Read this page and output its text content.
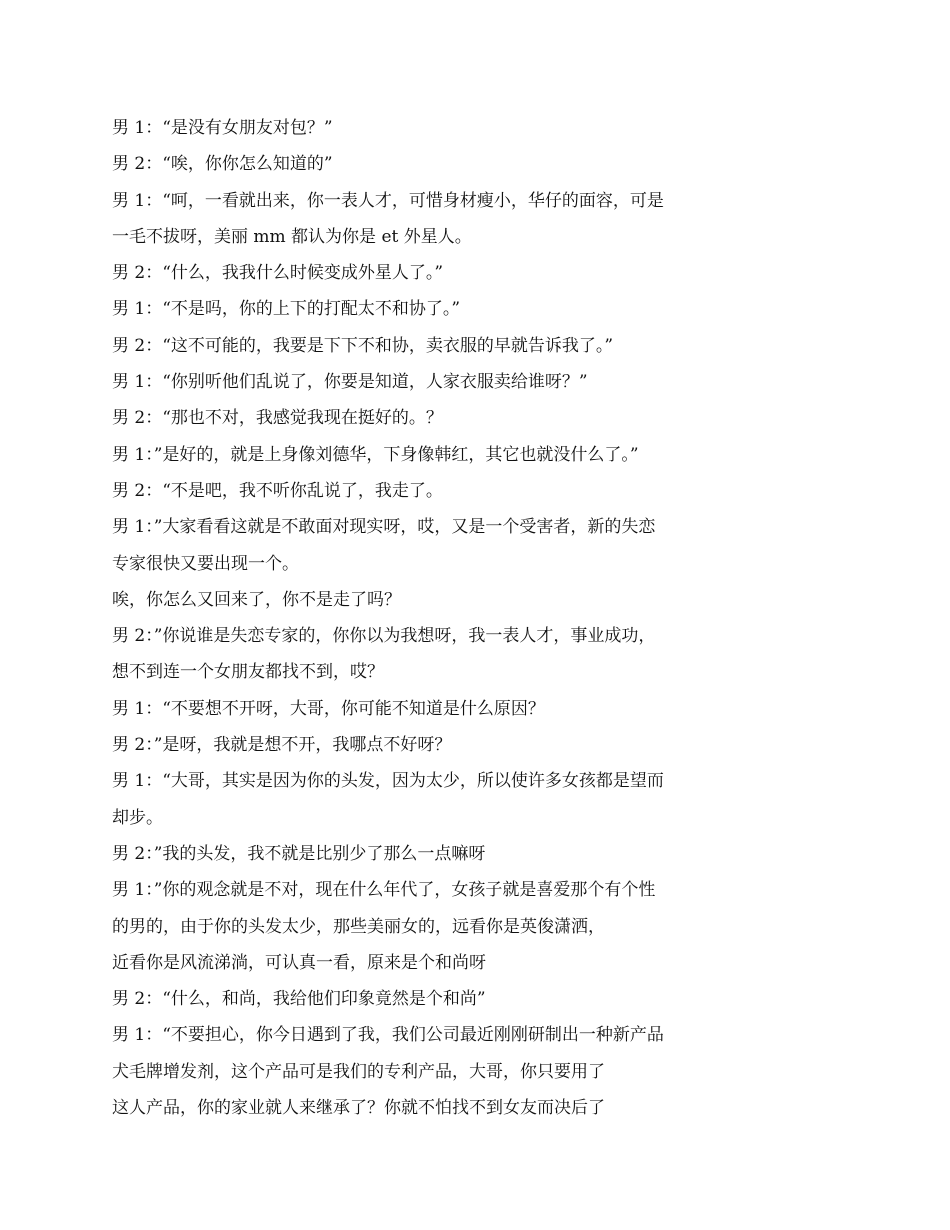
男 1：“是没有女朋友对包？”
男 2：“唉，你你怎么知道的”
男 1：“呵，一看就出来，你一表人才，可惜身材瘦小，华仔的面容，可是
一毛不拔呀，美丽 mm 都认为你是 et 外星人。
男 2：“什么，我我什么时候变成外星人了。”
男 1：“不是吗，你的上下的打配太不和协了。”
男 2：“这不可能的，我要是下下不和协，卖衣服的早就告诉我了。”
男 1：“你别听他们乱说了，你要是知道，人家衣服卖给谁呀？”
男 2：“那也不对，我感觉我现在挺好的。？
男 1：”是好的，就是上身像刘德华，下身像韩红，其它也就没什么了。”
男 2：“不是吧，我不听你乱说了，我走了。
男 1：”大家看看这就是不敢面对现实呀，哎，又是一个受害者，新的失恋
专家很快又要出现一个。
唉，你怎么又回来了，你不是走了吗？
男 2：”你说谁是失恋专家的，你你以为我想呀，我一表人才，事业成功，
想不到连一个女朋友都找不到，哎？
男 1：“不要想不开呀，大哥，你可能不知道是什么原因？
男 2：”是呀，我就是想不开，我哪点不好呀？
男 1：“大哥，其实是因为你的头发，因为太少，所以使许多女孩都是望而
却步。
男 2：”我的头发，我不就是比别少了那么一点嘛呀
男 1：”你的观念就是不对，现在什么年代了，女孩子就是喜爱那个有个性
的男的，由于你的头发太少，那些美丽女的，远看你是英俊潇洒，
近看你是风流涕淌，可认真一看，原来是个和尚呀
男 2：“什么，和尚，我给他们印象竟然是个和尚”
男 1：“不要担心，你今日遇到了我，我们公司最近刚刚研制出一种新产品
犬毛牌增发剂，这个产品可是我们的专利产品，大哥，你只要用了
这人产品，你的家业就人来继承了？你就不怕找不到女友而决后了
